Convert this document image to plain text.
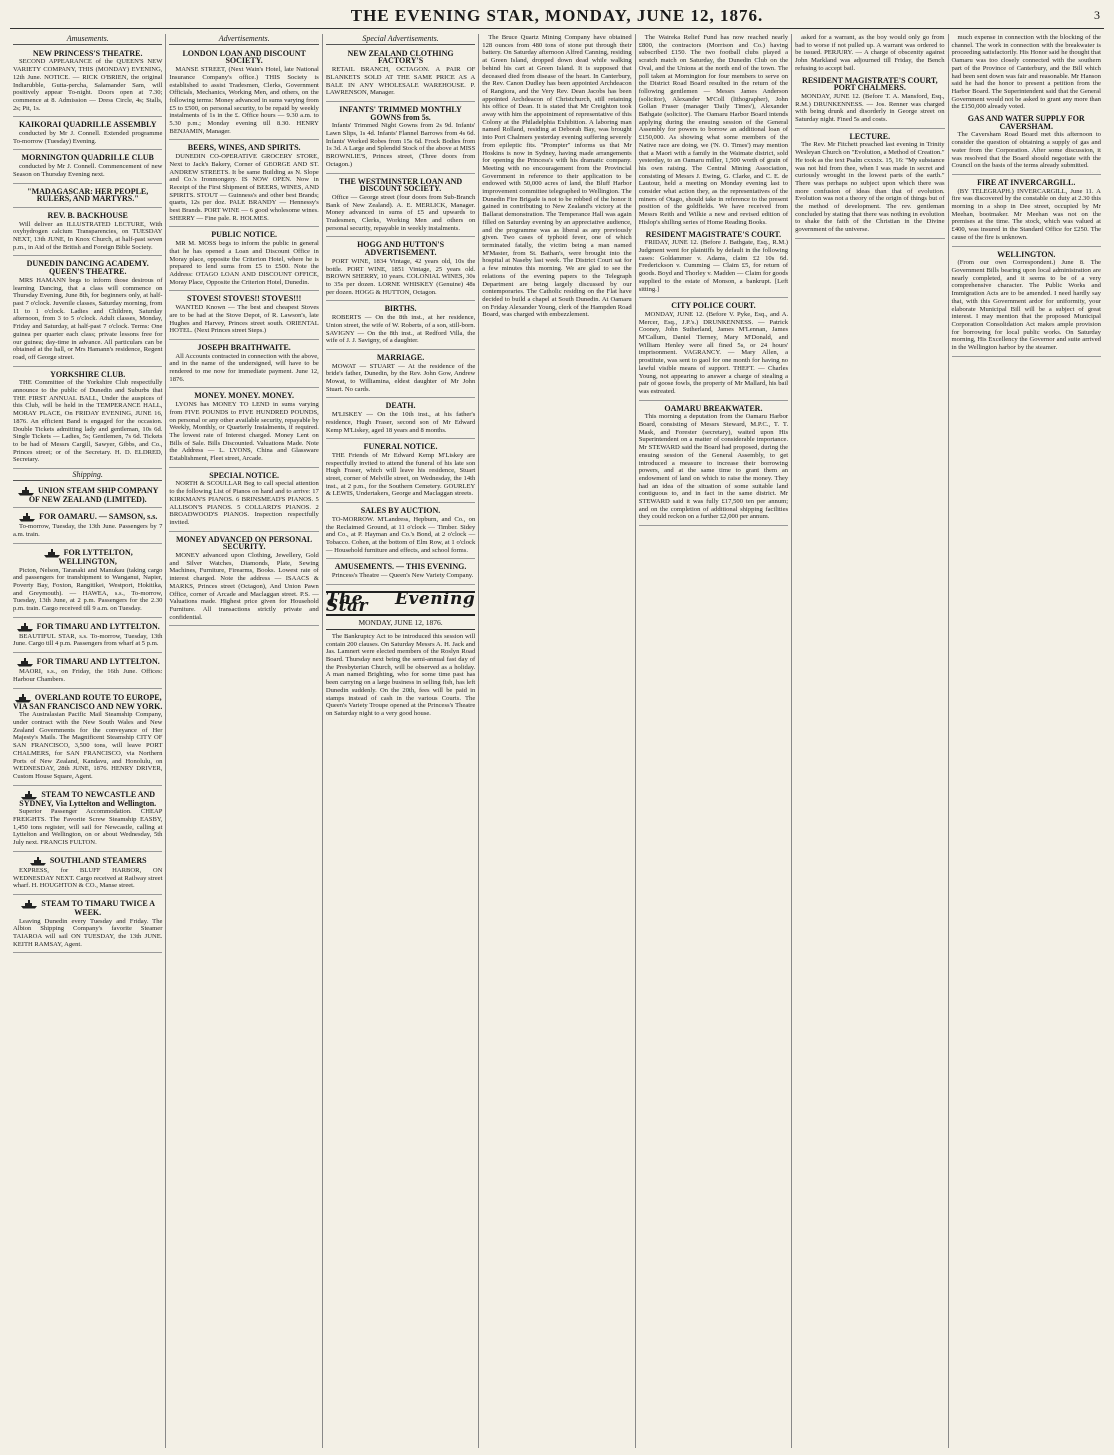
THE EVENING STAR, MONDAY, JUNE 12, 1876.	3
Amusements.
NEW PRINCESS'S THEATRE.

SECOND APPEARANCE of the QUEEN'S NEW VARIETY COMPANY, THIS (MONDAY) EVENING, 12th June. NOTICE. — RICK O'BRIEN, the original Indiarubble, Gutta-percha, Salamander Sam, will positively appear To-night. Doors open at 7.30; commence at 8. Admission — Dress Circle, 4s; Stalls, 2s; Pit, 1s.

KAIKORAI QUADRILLE ASSEMBLY

conducted by Mr J. Connell. Extended programme To-morrow (Tuesday) Evening.

MORNINGTON QUADRILLE CLUB

conducted by Mr J. Connell. Commencement of new Season on Thursday Evening next.

"MADAGASCAR: HER PEOPLE, RULERS, AND MARTYRS."
REV. B. BACKHOUSE

Will deliver an ILLUSTRATED LECTURE, With oxyhydrogen calcium Transparencies, on TUESDAY NEXT, 13th JUNE, In Knox Church, at half-past seven p.m., in Aid of the British and Foreign Bible Society.

DUNEDIN DANCING ACADEMY. QUEEN'S THEATRE.

MRS HAMANN begs to inform those desirous of learning Dancing, that a class will commence on Thursday Evening, June 8th, for beginners only, at half-past 7 o'clock. Juvenile classes, Saturday morning, from 11 to 1 o'clock. Ladies and Children, Saturday afternoon, from 3 to 5 o'clock. Adult classes, Monday, Friday and Saturday, at half-past 7 o'clock. Terms: One guinea per quarter each class; private lessons free for our guinea; day-time in advance. All particulars can be obtained at the hall, or Mrs Hamann's residence, Regent road, off George street.

YORKSHIRE CLUB.

THE Committee of the Yorkshire Club respectfully announce to the public of Dunedin and Suburbs that THE FIRST ANNUAL BALL, Under the auspices of this Club, will be held in the TEMPERANCE HALL, MORAY PLACE, On FRIDAY EVENING, JUNE 16, 1876. An efficient Band is engaged for the occasion. Double Tickets admitting lady and gentleman, 10s 6d. Single Tickets — Ladies, 5s; Gentlemen, 7s 6d. Tickets to be had of Messrs Cargill, Sawyer, Gibbs, and Co., Princes street; or of the Secretary. H. D. ELDRED, Secretary.

Shipping.
UNION STEAM SHIP COMPANY OF NEW ZEALAND (LIMITED).
FOR OAMARU. — SAMSON, s.s.

To-morrow, Tuesday, the 13th June. Passengers by 7 a.m. train.

FOR LYTTELTON, WELLINGTON,

Picton, Nelson, Taranaki and Manukau (taking cargo and passengers for transhipment to Wanganui, Napier, Poverty Bay, Foxton, Rangitikei, Westport, Hokitika, and Greymouth). — HAWEA, s.s., To-morrow, Tuesday, 13th June, at 2 p.m. Passengers for the 2.30 p.m. train. Cargo received till 9 a.m. on Tuesday.

FOR TIMARU AND LYTTELTON.

BEAUTIFUL STAR, s.s. To-morrow, Tuesday, 13th June. Cargo till 4 p.m. Passengers from wharf at 5 p.m.

FOR TIMARU AND LYTTELTON.

MAORI, s.s., on Friday, the 16th June. Offices: Harbour Chambers.

OVERLAND ROUTE TO EUROPE, VIA SAN FRANCISCO AND NEW YORK.

The Australasian Pacific Mail Steamship Company, under contract with the New South Wales and New Zealand Governments for the conveyance of Her Majesty's Mails. The Magnificent Steamship CITY OF SAN FRANCISCO, 3,500 tons, will leave PORT CHALMERS, for SAN FRANCISCO, via Northern Ports of New Zealand, Kandavu, and Honolulu, on WEDNESDAY, 28th JUNE, 1876. HENRY DRIVER, Custom House Square, Agent.

STEAM TO NEWCASTLE AND SYDNEY, Via Lyttelton and Wellington.

Superior Passenger Accommodation. CHEAP FREIGHTS. The Favorite Screw Steamship EASBY, 1,450 tons register, will sail for Newcastle, calling at Lyttelton and Wellington, on or about Wednesday, 5th July next. FRANCIS FULTON.

SOUTHLAND STEAMERS

EXPRESS, for BLUFF HARBOR, ON WEDNESDAY NEXT. Cargo received at Railway street wharf. H. HOUGHTON & CO., Manse street.

STEAM TO TIMARU TWICE A WEEK.

Leaving Dunedin every Tuesday and Friday. The Albion Shipping Company's favorite Steamer TAIAROA will sail ON TUESDAY, the 13th JUNE. KEITH RAMSAY, Agent.

Advertisements.
LONDON LOAN AND DISCOUNT SOCIETY.

MANSE STREET, (Next Wain's Hotel, late National Insurance Company's office.) THIS Society is established to assist Tradesmen, Clerks, Government Officials, Mechanics, Working Men, and others, on the following terms: Money advanced in sums varying from £5 to £500, on personal security, to be repaid by weekly instalments of 1s in the £. Office hours — 9.30 a.m. to 5.30 p.m.; Monday evening till 8.30. HENRY BENJAMIN, Manager.

BEERS, WINES, AND SPIRITS.

DUNEDIN CO-OPERATIVE GROCERY STORE, Next to Jack's Bakery, Corner of GEORGE AND ST. ANDREW STREETS. It be same Building as N. Slope and Co.'s Ironmongery. IS NOW OPEN. Now in Receipt of the First Shipment of BEERS, WINES, AND SPIRITS. STOUT — Guinness's and other best Brands; quarts, 12s per doz. PALE BRANDY — Hennessy's best Brands. PORT WINE — 6 good wholesome wines. SHERRY — Fine pale. R. HOLMES.

PUBLIC NOTICE.

MR M. MOSS begs to inform the public in general that he has opened a Loan and Discount Office in Moray place, opposite the Criterion Hotel, where he is prepared to lend sums from £5 to £500. Note the Address: OTAGO LOAN AND DISCOUNT OFFICE, Moray Place, Opposite the Criterion Hotel, Dunedin.

STOVES! STOVES!! STOVES!!!

WANTED Known — The best and cheapest Stoves are to be had at the Stove Depot, of R. Lawson's, late Hughes and Harvey, Princes street south. ORIENTAL HOTEL. (Next Princes street Steps.)

JOSEPH BRAITHWAITE.

All Accounts contracted in connection with the above, and in the name of the undersigned, will have to be rendered to me now for immediate payment. June 12, 1876.

MONEY. MONEY. MONEY.

LYONS has MONEY TO LEND in sums varying from FIVE POUNDS to FIVE HUNDRED POUNDS, on personal or any other available security, repayable by Weekly, Monthly, or Quarterly Instalments, if required. The lowest rate of Interest charged. Money Lent on Bills of Sale. Bills Discounted. Valuations Made. Note the Address — L. LYONS, China and Glassware Establishment, Fleet street, Arcade.

SPECIAL NOTICE.

NORTH & SCOULLAR Beg to call special attention to the following List of Pianos on hand and to arrive: 17 KIRKMAN'S PIANOS. 6 BRINSMEAD'S PIANOS. 5 ALLISON'S PIANOS. 5 COLLARD'S PIANOS. 2 BROADWOOD'S PIANOS. Inspection respectfully invited.

MONEY ADVANCED ON PERSONAL SECURITY.

MONEY advanced upon Clothing, Jewellery, Gold and Silver Watches, Diamonds, Plate, Sewing Machines, Furniture, Firearms, Books. Lowest rate of interest charged. Note the address — ISAACS & MARKS, Princes street (Octagon), And Union Pawn Office, corner of Arcade and Maclaggan street. P.S. — Valuations made. Highest price given for Household Furniture. All transactions strictly private and confidential.

Special Advertisements.
NEW ZEALAND CLOTHING FACTORY'S

RETAIL BRANCH, OCTAGON. A PAIR OF BLANKETS SOLD AT THE SAME PRICE AS A BALE IN ANY WHOLESALE WAREHOUSE. P. LAWRENSON, Manager.

INFANTS' TRIMMED MONTHLY GOWNS from 5s.

Infants' Trimmed Night Gowns from 2s 9d. Infants' Lawn Slips, 1s 4d. Infants' Flannel Barrows from 4s 6d. Infants' Worked Robes from 15s 6d. Frock Bodies from 1s 3d. A Large and Splendid Stock of the above at MISS BROWNLIE'S, Princes street, (Three doors from Octagon.)

THE WESTMINSTER LOAN AND DISCOUNT SOCIETY.

Office — George street (four doors from Sub-Branch Bank of New Zealand). A. E. MERLICK, Manager. Money advanced in sums of £5 and upwards to Tradesmen, Clerks, Working Men and others on personal security, repayable in weekly instalments.

HOGG AND HUTTON'S ADVERTISEMENT.

PORT WINE, 1834 Vintage, 42 years old, 10s the bottle. PORT WINE, 1851 Vintage, 25 years old. BROWN SHERRY, 10 years. COLONIAL WINES, 30s to 35s per dozen. LORNE WHISKEY (Genuine) 48s per dozen. HOGG & HUTTON, Octagon.

BIRTHS.

ROBERTS — On the 8th inst., at her residence, Union street, the wife of W. Roberts, of a son, still-born. SAVIGNY — On the 8th inst., at Redford Villa, the wife of J. J. Savigny, of a daughter.

MARRIAGE.

MOWAT — STUART — At the residence of the bride's father, Dunedin, by the Rev. John Gow, Andrew Mowat, to Williamina, eldest daughter of Mr John Stuart. No cards.

DEATH.

M'LISKEY — On the 10th inst., at his father's residence, Hugh Fraser, second son of Mr Edward Kemp M'Liskey, aged 18 years and 8 months.

FUNERAL NOTICE.

THE Friends of Mr Edward Kemp M'Liskey are respectfully invited to attend the funeral of his late son Hugh Fraser, which will leave his residence, Stuart street, corner of Melville street, on Wednesday, the 14th inst., at 2 p.m., for the Southern Cemetery. GOURLEY & LEWIS, Undertakers, George and Maclaggan streets.

SALES BY AUCTION.

TO-MORROW. M'Landress, Hepburn, and Co., on the Reclaimed Ground, at 11 o'clock — Timber. Sidey and Co., at P. Hayman and Co.'s Bond, at 2 o'clock — Tobacco. Cohen, at the bottom of Elm Row, at 1 o'clock — Household furniture and effects, and school forms.

AMUSEMENTS. — THIS EVENING.

Princess's Theatre — Queen's New Variety Company.

The Evening Star
MONDAY, JUNE 12, 1876.

The Bankruptcy Act to be introduced this session will contain 200 clauses. On Saturday Messrs A. H. Jack and Jas. Lamnert were elected members of the Roslyn Road Board. Thursday next being the semi-annual fast day of the Presbyterian Church, will be observed as a holiday. A man named Brighting, who for some time past has been carrying on a large business in selling fish, has left Dunedin suddenly. On the 20th, fees will be paid in stamps instead of cash in the various Courts. The Queen's Variety Troupe opened at the Princess's Theatre on Saturday night to a very good house.

The Bruce Quartz Mining Company have obtained 128 ounces from 480 tons of stone put through their battery. On Saturday afternoon Alfred Canning, residing at Green Island, dropped down dead while walking behind his cart at Green Island. It is supposed that deceased died from disease of the heart. In Canterbury, the Rev. Canon Dudley has been appointed Archdeacon of Rangiora, and the Very Rev. Dean Jacobs has been appointed Archdeacon of Christchurch, still retaining his office of Dean. It is stated that Mr Creighton took away with him the appointment of representative of this Colony at the Philadelphia Exhibition. A laboring man named Rolland, residing at Deborah Bay, was brought into Port Chalmers yesterday evening suffering severely from epileptic fits. "Prompter" informs us that Mr Hoskins is now in Sydney, having made arrangements for opening the Princess's with his dramatic company. Meeting with no encouragement from the Provincial Government in reference to their application to be endowed with 50,000 acres of land, the Bluff Harbor improvement committee telegraphed to Wellington. The Dunedin Fire Brigade is not to be robbed of the honor it gained in contributing to New Zealand's victory at the Ballarat demonstration. The Temperance Hall was again filled on Saturday evening by an appreciative audience, and the programme was as liberal as any previously given. Two cases of typhoid fever, one of which terminated fatally, the victim being a man named M'Master, from St. Bathan's, were brought into the hospital at Naseby last week. The District Court sat for a few minutes this morning. We are glad to see the relations of the evening papers to the Telegraph Department are being largely discussed by our contemporaries. The Catholic residing on the Flat have decided to build a chapel at South Dunedin. At Oamaru on Friday Alexander Young, clerk of the Hampden Road Board, was charged with embezzlement.

The Waireka Relief Fund has now reached nearly £800, the contractors (Morrison and Co.) having subscribed £150. The two football clubs played a scratch match on Saturday, the Dunedin Club on the Oval, and the Unions at the north end of the town. The poll taken at Mornington for four members to serve on the District Road Board resulted in the return of the following gentlemen — Messrs James Anderson (solicitor), Alexander M'Coll (lithographer), John Gollan Fraser (manager 'Daily Times'), Alexander Bathgate (solicitor). The Oamaru Harbor Board intends applying during the ensuing session of the General Assembly for powers to borrow an additional loan of £150,000. As showing what some members of the Native race are doing, we ('N. O. Times') may mention that a Maori with a family in the Waimate district, sold yesterday, to an Oamaru miller, 1,500 worth of grain of his own raising. The Central Mining Association, consisting of Messrs J. Ewing, G. Clarke, and C. E. de Lautour, held a meeting on Monday evening last to consider what action they, as the representatives of the miners of Otago, should take in reference to the present position of the goldfields. We have received from Messrs Reith and Wilkie a new and revised edition of Hislop's shilling series of Home Reading Books.

RESIDENT MAGISTRATE'S COURT.

FRIDAY, JUNE 12. (Before J. Bathgate, Esq., R.M.) Judgment went for plaintiffs by default in the following cases: Goldammer v. Adams, claim £2 10s 6d. Frederickson v. Cumming — Claim £5, for return of goods. Boyd and Thorley v. Madden — Claim for goods supplied to the estate of Monson, a bankrupt. [Left sitting.]

CITY POLICE COURT.

MONDAY, JUNE 12. (Before V. Pyke, Esq., and A. Mercer, Esq., J.P.'s.) DRUNKENNESS. — Patrick Cooney, John Sutherland, James M'Lennan, James M'Callum, Daniel Tierney, Mary M'Donald, and William Henley were all fined 5s, or 24 hours' imprisonment. VAGRANCY. — Mary Allen, a prostitute, was sent to gaol for one month for having no lawful visible means of support. THEFT. — Charles Young, not appearing to answer a charge of stealing a pair of goose fowls, the property of Mr Mallard, his bail was estreated.

OAMARU BREAKWATER.

This morning a deputation from the Oamaru Harbor Board, consisting of Messrs Steward, M.P.C., T. T. Mask, and Forester (secretary), waited upon His Superintendent on a matter of considerable importance. Mr STEWARD said the Board had proposed, during the ensuing session of the General Assembly, to get introduced a measure to increase their borrowing powers, and at the same time to grant them an endowment of land on which to raise the money. They had an idea of the situation of some suitable land contiguous to, and in fact in the same district. Mr STEWARD said it was fully £17,500 ten per annum; and on the completion of additional shipping facilities they could reckon on a further £2,000 per annum.

asked for a warrant, as the boy would only go from bad to worse if not pulled up. A warrant was ordered to be issued. PERJURY. — A charge of obscenity against John Markland was adjourned till Friday, the Bench refusing to accept bail.

RESIDENT MAGISTRATE'S COURT, PORT CHALMERS.

MONDAY, JUNE 12. (Before T. A. Mansford, Esq., R.M.) DRUNKENNESS. — Jos. Renner was charged with being drunk and disorderly in George street on Saturday night. Fined 5s and costs.

LECTURE.

The Rev. Mr Fitchett preached last evening in Trinity Wesleyan Church on "Evolution, a Method of Creation." He took as the text Psalm cxxxix. 15, 16: "My substance was not hid from thee, when I was made in secret and curiously wrought in the lowest parts of the earth." There was perhaps no subject upon which there was more confusion of ideas than that of evolution. Evolution was not a theory of the origin of things but of the method of development. The rev. gentleman concluded by stating that there was nothing in evolution to shake the faith of the Christian in the Divine government of the universe.

much expense in connection with the blocking of the channel. The work in connection with the breakwater is proceeding satisfactorily. His Honor said he thought that Oamaru was too closely connected with the southern part of the Province of Canterbury, and the Bill which had been sent down was fair and reasonable. Mr Hanson said he had the honor to present a petition from the Harbor Board. The Superintendent said that the General Government would not be asked to grant any more than the £150,000 already voted.

GAS AND WATER SUPPLY FOR CAVERSHAM.

The Caversham Road Board met this afternoon to consider the question of obtaining a supply of gas and water from the Corporation. After some discussion, it was resolved that the Board should negotiate with the Council on the basis of the terms already submitted.

FIRE AT INVERCARGILL.

(BY TELEGRAPH.) INVERCARGILL, June 11. A fire was discovered by the constable on duty at 2.30 this morning in a shop in Dee street, occupied by Mr Meehan, bootmaker. Mr Meehan was not on the premises at the time. The stock, which was valued at £400, was insured in the Standard Office for £250. The cause of the fire is unknown.

WELLINGTON.

(From our own Correspondent.) June 8. The Government Bills bearing upon local administration are nearly completed, and it seems to be of a very comprehensive character. The Public Works and Immigration Acts are to be amended. I need hardly say that, with this Government ardor for uniformity, your elaborate Municipal Bill will be a subject of great interest. I may mention that the proposed Municipal Corporation Consolidation Act makes ample provision for borrowing for local public works. On Saturday morning, His Excellency the Governor and suite arrived in the Wellington harbor by the steamer.
